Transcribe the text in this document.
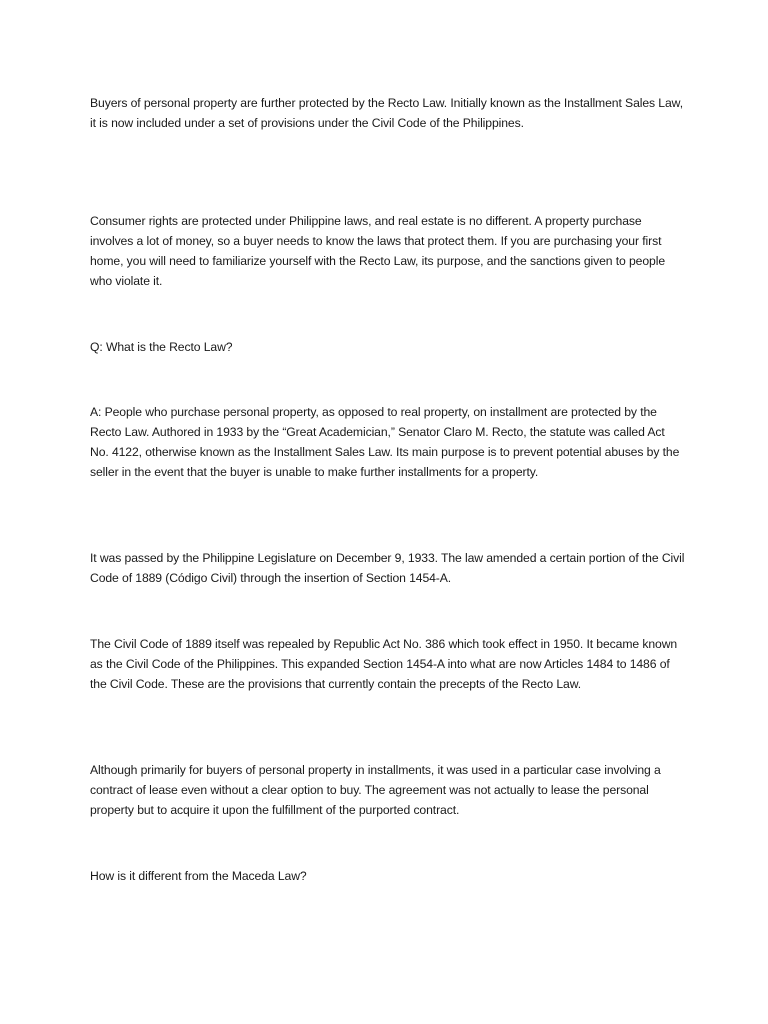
Buyers of personal property are further protected by the Recto Law. Initially known as the Installment Sales Law, it is now included under a set of provisions under the Civil Code of the Philippines.

Consumer rights are protected under Philippine laws, and real estate is no different. A property purchase involves a lot of money, so a buyer needs to know the laws that protect them. If you are purchasing your first home, you will need to familiarize yourself with the Recto Law, its purpose, and the sanctions given to people who violate it.

Q: What is the Recto Law?

A: People who purchase personal property, as opposed to real property, on installment are protected by the Recto Law. Authored in 1933 by the “Great Academician,” Senator Claro M. Recto, the statute was called Act No. 4122, otherwise known as the Installment Sales Law. Its main purpose is to prevent potential abuses by the seller in the event that the buyer is unable to make further installments for a property.

It was passed by the Philippine Legislature on December 9, 1933. The law amended a certain portion of the Civil Code of 1889 (Código Civil) through the insertion of Section 1454-A.

The Civil Code of 1889 itself was repealed by Republic Act No. 386 which took effect in 1950. It became known as the Civil Code of the Philippines. This expanded Section 1454-A into what are now Articles 1484 to 1486 of the Civil Code. These are the provisions that currently contain the precepts of the Recto Law.

Although primarily for buyers of personal property in installments, it was used in a particular case involving a contract of lease even without a clear option to buy. The agreement was not actually to lease the personal property but to acquire it upon the fulfillment of the purported contract.

How is it different from the Maceda Law?
